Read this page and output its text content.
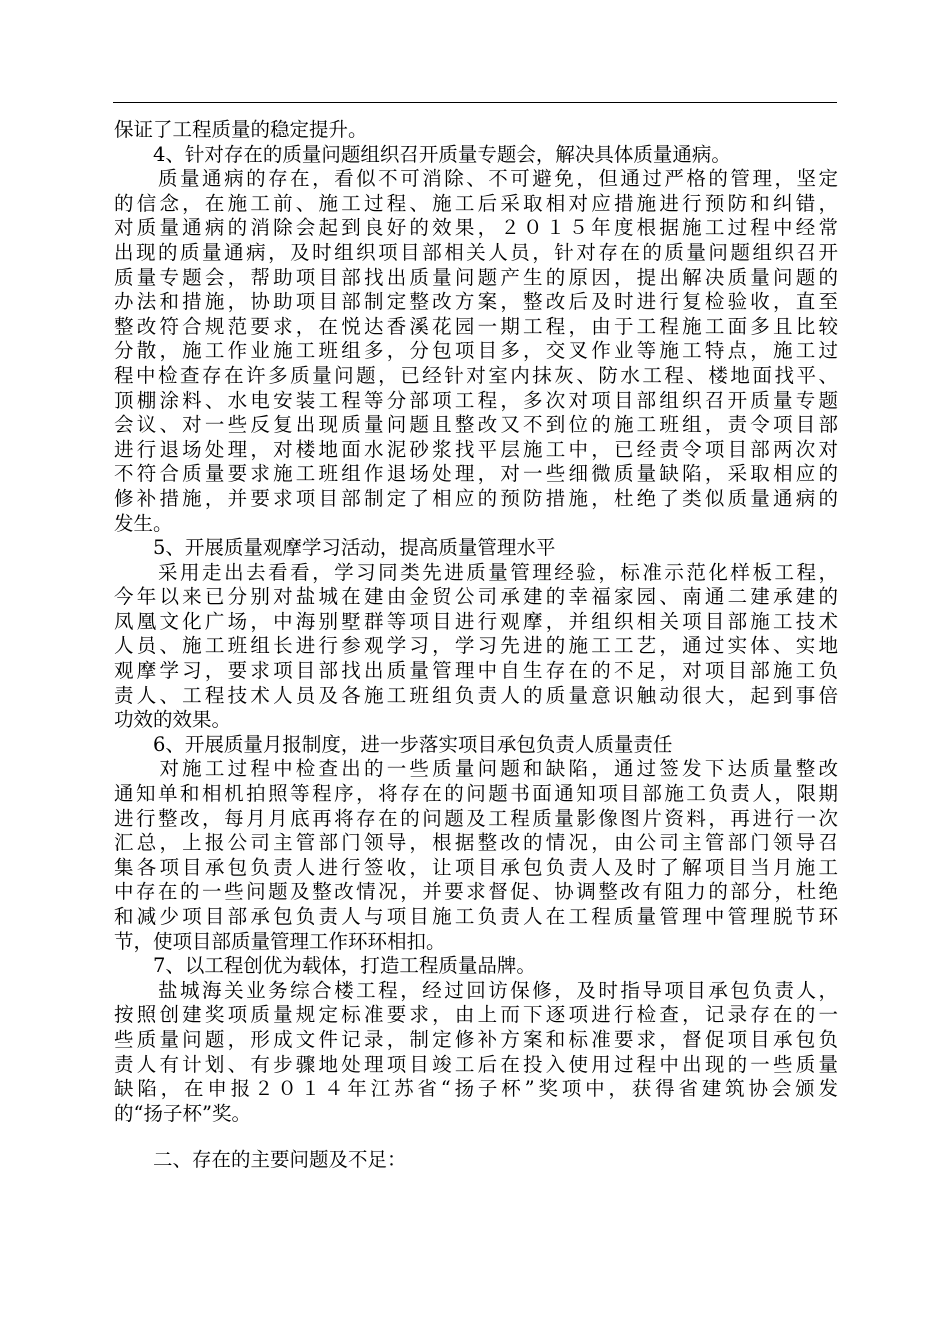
保证了工程质量的稳定提升。
　　4、针对存在的质量问题组织召开质量专题会，解决具体质量通病。
　　质量通病的存在，看似不可消除、不可避免，但通过严格的管理，坚定
的信念，在施工前、施工过程、施工后采取相对应措施进行预防和纠错，
对质量通病的消除会起到良好的效果，２０１５年度根据施工过程中经常
出现的质量通病，及时组织项目部相关人员，针对存在的质量问题组织召开
质量专题会，帮助项目部找出质量问题产生的原因，提出解决质量问题的
办法和措施，协助项目部制定整改方案，整改后及时进行复检验收，直至
整改符合规范要求，在悦达香溪花园一期工程，由于工程施工面多且比较
分散，施工作业施工班组多，分包项目多，交叉作业等施工特点，施工过
程中检查存在许多质量问题，已经针对室内抹灰、防水工程、楼地面找平、
顶棚涂料、水电安装工程等分部项工程，多次对项目部组织召开质量专题
会议、对一些反复出现质量问题且整改又不到位的施工班组，责令项目部
进行退场处理，对楼地面水泥砂浆找平层施工中，已经责令项目部两次对
不符合质量要求施工班组作退场处理，对一些细微质量缺陷，采取相应的
修补措施，并要求项目部制定了相应的预防措施，杜绝了类似质量通病的
发生。
　　5、开展质量观摩学习活动，提高质量管理水平
　　采用走出去看看，学习同类先进质量管理经验，标准示范化样板工程，
今年以来已分别对盐城在建由金贸公司承建的幸福家园、南通二建承建的
凤凰文化广场，中海别墅群等项目进行观摩，并组织相关项目部施工技术
人员、施工班组长进行参观学习，学习先进的施工工艺，通过实体、实地
观摩学习，要求项目部找出质量管理中自生存在的不足，对项目部施工负
责人、工程技术人员及各施工班组负责人的质量意识触动很大，起到事倍
功效的效果。
　　6、开展质量月报制度，进一步落实项目承包负责人质量责任
　　对施工过程中检查出的一些质量问题和缺陷，通过签发下达质量整改
通知单和相机拍照等程序，将存在的问题书面通知项目部施工负责人，限期
进行整改，每月月底再将存在的问题及工程质量影像图片资料，再进行一次
汇总，上报公司主管部门领导，根据整改的情况，由公司主管部门领导召
集各项目承包负责人进行签收，让项目承包负责人及时了解项目当月施工
中存在的一些问题及整改情况，并要求督促、协调整改有阻力的部分，杜绝
和减少项目部承包负责人与项目施工负责人在工程质量管理中管理脱节环
节，使项目部质量管理工作环环相扣。
　　7、以工程创优为载体，打造工程质量品牌。
　　盐城海关业务综合楼工程，经过回访保修，及时指导项目承包负责人，
按照创建奖项质量规定标准要求，由上而下逐项进行检查，记录存在的一
些质量问题，形成文件记录，制定修补方案和标准要求，督促项目承包负
责人有计划、有步骤地处理项目竣工后在投入使用过程中出现的一些质量
缺陷，在申报２０１４年江苏省“扬子杯”奖项中，获得省建筑协会颁发
的“扬子杯”奖。
　　二、存在的主要问题及不足：
